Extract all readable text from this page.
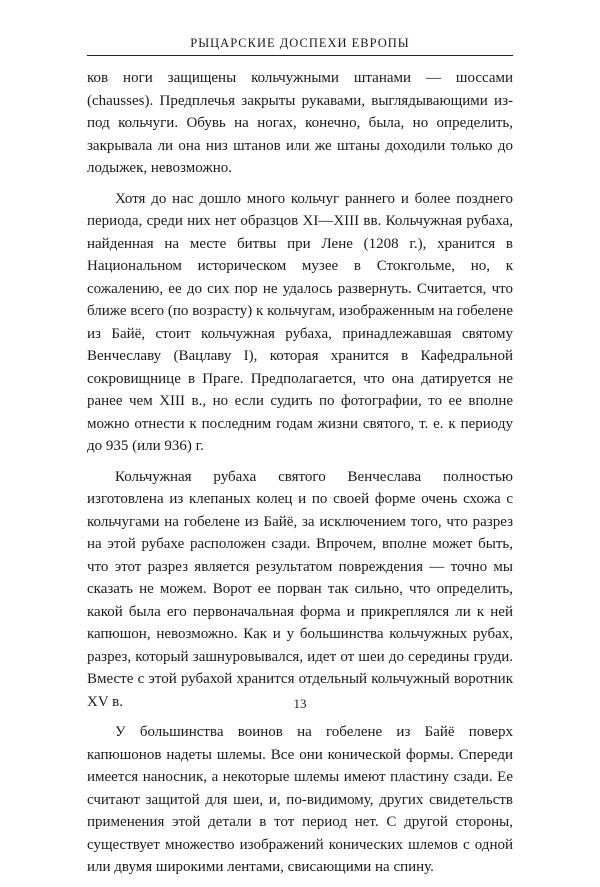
РЫЦАРСКИЕ ДОСПЕХИ ЕВРОПЫ

ков ноги защищены кольчужными штанами — шоссами (chausses). Предплечья закрыты рукавами, выглядывающими из-под кольчуги. Обувь на ногах, конечно, была, но определить, закрывала ли она низ штанов или же штаны доходили только до лодыжек, невозможно.

Хотя до нас дошло много кольчуг раннего и более позднего периода, среди них нет образцов XI—XIII вв. Кольчужная рубаха, найденная на месте битвы при Лене (1208 г.), хранится в Национальном историческом музее в Стокгольме, но, к сожалению, ее до сих пор не удалось развернуть. Считается, что ближе всего (по возрасту) к кольчугам, изображенным на гобелене из Байё, стоит кольчужная рубаха, принадлежавшая святому Венчеславу (Вацлаву I), которая хранится в Кафедральной сокровищнице в Праге. Предполагается, что она датируется не ранее чем XIII в., но если судить по фотографии, то ее вполне можно отнести к последним годам жизни святого, т. е. к периоду до 935 (или 936) г.

Кольчужная рубаха святого Венчеслава полностью изготовлена из клепаных колец и по своей форме очень схожа с кольчугами на гобелене из Байё, за исключением того, что разрез на этой рубахе расположен сзади. Впрочем, вполне может быть, что этот разрез является результатом повреждения — точно мы сказать не можем. Ворот ее порван так сильно, что определить, какой была его первоначальная форма и прикреплялся ли к ней капюшон, невозможно. Как и у большинства кольчужных рубах, разрез, который зашнуровывался, идет от шеи до середины груди. Вместе с этой рубахой хранится отдельный кольчужный воротник XV в.

У большинства воинов на гобелене из Байё поверх капюшонов надеты шлемы. Все они конической формы. Спереди имеется наносник, а некоторые шлемы имеют пластину сзади. Ее считают защитой для шеи, и, по-видимому, других свидетельств применения этой детали в тот период нет. С другой стороны, существует множество изображений конических шлемов с одной или двумя широкими лентами, свисающими на спину.

13
